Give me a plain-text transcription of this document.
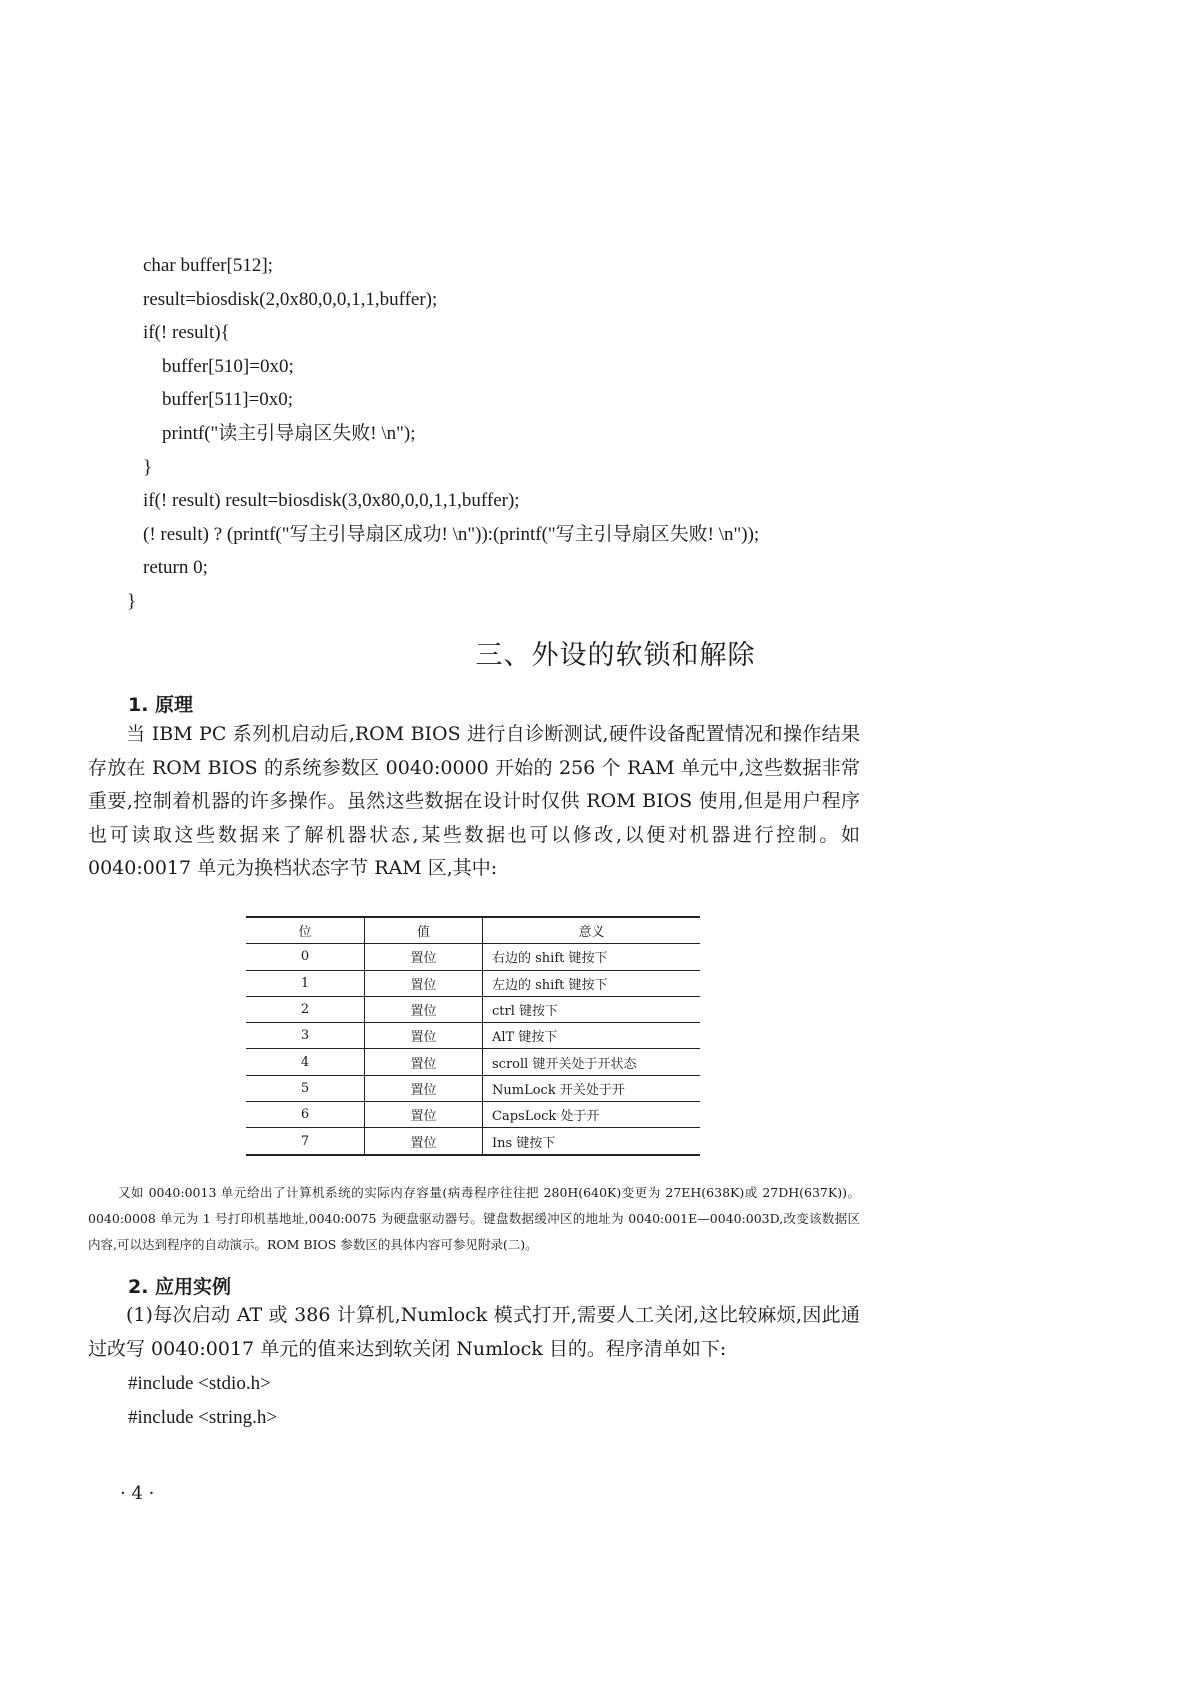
char buffer[512];
result=biosdisk(2,0x80,0,0,1,1,buffer);
if(! result){
buffer[510]=0x0;
buffer[511]=0x0;
printf("读主引导扇区失败! \n");
}
if(! result) result=biosdisk(3,0x80,0,0,1,1,buffer);
(! result) ? (printf("写主引导扇区成功! \n")):(printf("写主引导扇区失败! \n"));
return 0;
}
三、外设的软锁和解除
1. 原理

当 IBM PC 系列机启动后,ROM BIOS 进行自诊断测试,硬件设备配置情况和操作结果存放在 ROM BIOS 的系统参数区 0040:0000 开始的 256 个 RAM 单元中,这些数据非常重要,控制着机器的许多操作。虽然这些数据在设计时仅供 ROM BIOS 使用,但是用户程序也可读取这些数据来了解机器状态,某些数据也可以修改,以便对机器进行控制。如 0040:0017 单元为换档状态字节 RAM 区,其中:

位	值	意义
0	置位	右边的 shift 键按下
1	置位	左边的 shift 键按下
2	置位	ctrl 键按下
3	置位	AlT 键按下
4	置位	scroll 键开关处于开状态
5	置位	NumLock 开关处于开
6	置位	CapsLock 处于开
7	置位	Ins 键按下

又如 0040:0013 单元给出了计算机系统的实际内存容量(病毒程序往往把 280H(640K)变更为 27EH(638K)或 27DH(637K))。0040:0008 单元为 1 号打印机基地址,0040:0075 为硬盘驱动器号。键盘数据缓冲区的地址为 0040:001E—0040:003D,改变该数据区内容,可以达到程序的自动演示。ROM BIOS 参数区的具体内容可参见附录(二)。

2. 应用实例

(1)每次启动 AT 或 386 计算机,Numlock 模式打开,需要人工关闭,这比较麻烦,因此通过改写 0040:0017 单元的值来达到软关闭 Numlock 目的。程序清单如下:

#include <stdio.h>
#include <string.h>
· 4 ·
